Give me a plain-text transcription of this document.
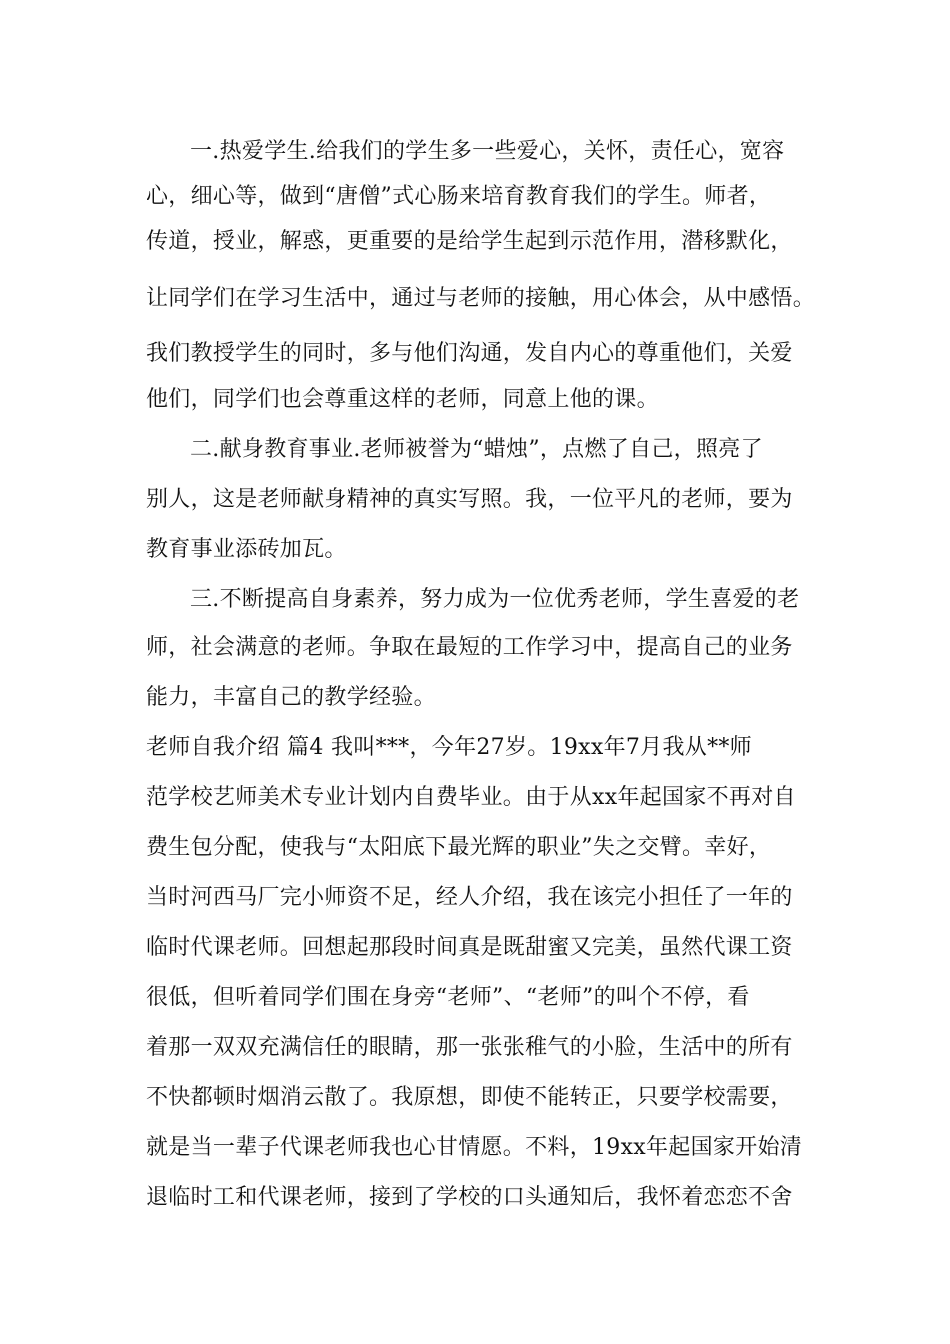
一.热爱学生.给我们的学生多一些爱心，关怀，责任心，宽容
心，细心等，做到“唐僧”式心肠来培育教育我们的学生。师者，
传道，授业，解惑，更重要的是给学生起到示范作用，潜移默化，
让同学们在学习生活中，通过与老师的接触，用心体会，从中感悟。
我们教授学生的同时，多与他们沟通，发自内心的尊重他们，关爱
他们，同学们也会尊重这样的老师，同意上他的课。
二.献身教育事业.老师被誉为“蜡烛”，点燃了自己，照亮了
别人，这是老师献身精神的真实写照。我，一位平凡的老师，要为
教育事业添砖加瓦。
三.不断提高自身素养，努力成为一位优秀老师，学生喜爱的老
师，社会满意的老师。争取在最短的工作学习中，提高自己的业务
能力，丰富自己的教学经验。
老师自我介绍 篇4 我叫***，今年27岁。19xx年7月我从**师
范学校艺师美术专业计划内自费毕业。由于从xx年起国家不再对自
费生包分配，使我与“太阳底下最光辉的职业”失之交臂。幸好，
当时河西马厂完小师资不足，经人介绍，我在该完小担任了一年的
临时代课老师。回想起那段时间真是既甜蜜又完美，虽然代课工资
很低，但听着同学们围在身旁“老师”、“老师”的叫个不停，看
着那一双双充满信任的眼睛，那一张张稚气的小脸，生活中的所有
不快都顿时烟消云散了。我原想，即使不能转正，只要学校需要，
就是当一辈子代课老师我也心甘情愿。不料，19xx年起国家开始清
退临时工和代课老师，接到了学校的口头通知后，我怀着恋恋不舍
